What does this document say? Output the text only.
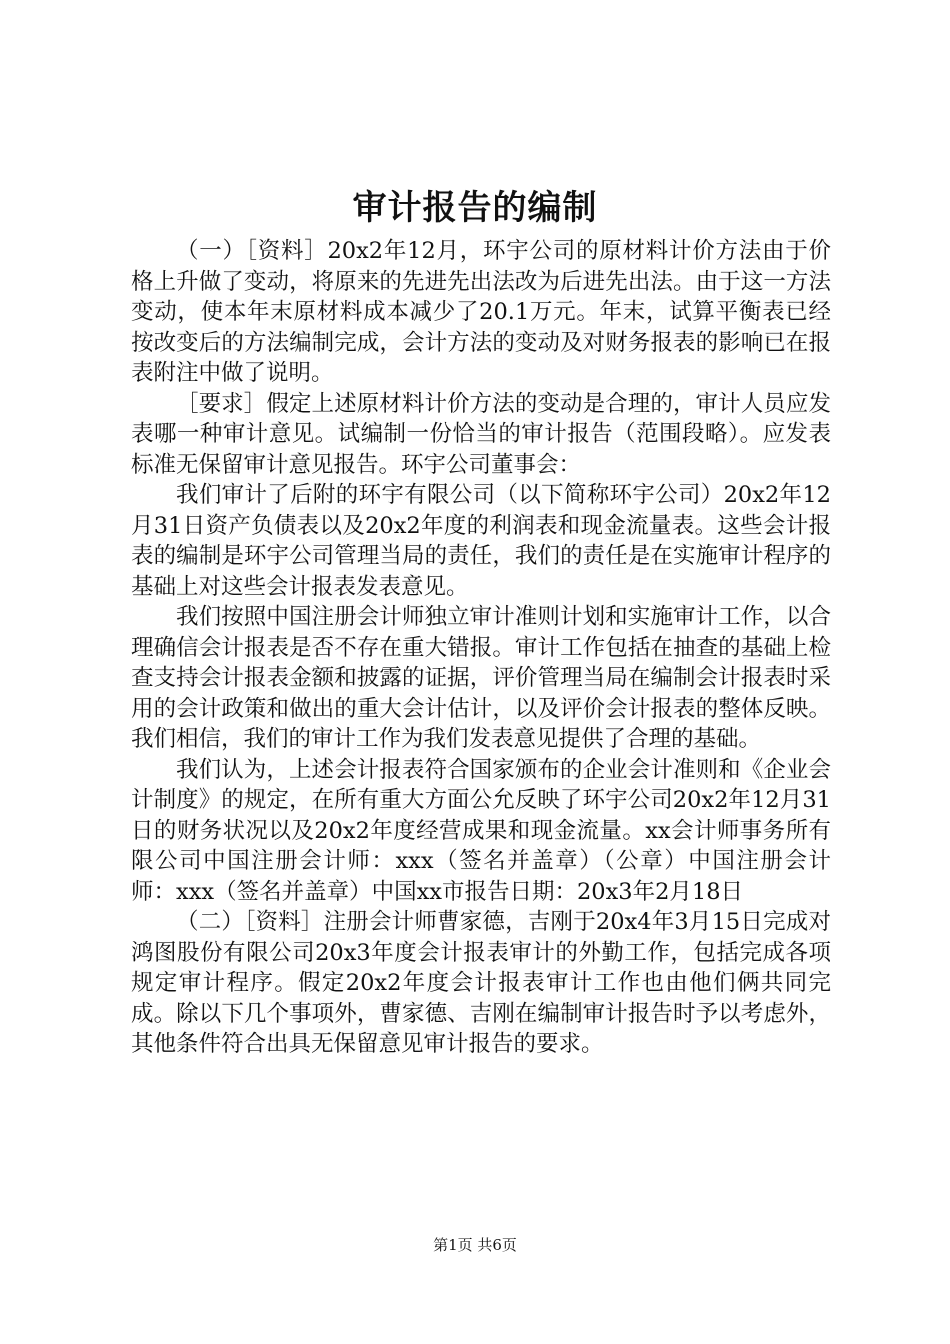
审计报告的编制

（一）［资料］20x2年12月，环宇公司的原材料计价方法由于价格上升做了变动，将原来的先进先出法改为后进先出法。由于这一方法变动，使本年末原材料成本减少了20.1万元。年末，试算平衡表已经按改变后的方法编制完成，会计方法的变动及对财务报表的影响已在报表附注中做了说明。

［要求］假定上述原材料计价方法的变动是合理的，审计人员应发表哪一种审计意见。试编制一份恰当的审计报告（范围段略）。应发表标准无保留审计意见报告。环宇公司董事会：

我们审计了后附的环宇有限公司（以下简称环宇公司）20x2年12月31日资产负债表以及20x2年度的利润表和现金流量表。这些会计报表的编制是环宇公司管理当局的责任，我们的责任是在实施审计程序的基础上对这些会计报表发表意见。

我们按照中国注册会计师独立审计准则计划和实施审计工作，以合理确信会计报表是否不存在重大错报。审计工作包括在抽查的基础上检查支持会计报表金额和披露的证据，评价管理当局在编制会计报表时采用的会计政策和做出的重大会计估计，以及评价会计报表的整体反映。我们相信，我们的审计工作为我们发表意见提供了合理的基础。

我们认为，上述会计报表符合国家颁布的企业会计准则和《企业会计制度》的规定，在所有重大方面公允反映了环宇公司20x2年12月31日的财务状况以及20x2年度经营成果和现金流量。xx会计师事务所有限公司中国注册会计师：xxx（签名并盖章）（公章）中国注册会计师：xxx（签名并盖章）中国xx市报告日期：20x3年2月18日

（二）［资料］注册会计师曹家德，吉刚于20x4年3月15日完成对鸿图股份有限公司20x3年度会计报表审计的外勤工作，包括完成各项规定审计程序。假定20x2年度会计报表审计工作也由他们俩共同完成。除以下几个事项外，曹家德、吉刚在编制审计报告时予以考虑外，其他条件符合出具无保留意见审计报告的要求。

第1页 共6页
